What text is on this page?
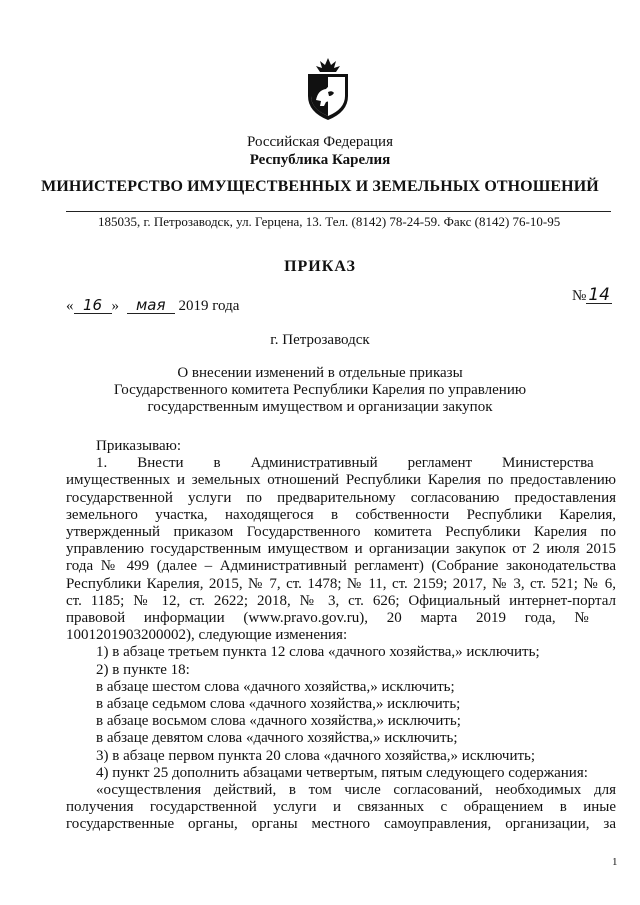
Российская Федерация
Республика Карелия
МИНИСТЕРСТВО ИМУЩЕСТВЕННЫХ И ЗЕМЕЛЬНЫХ ОТНОШЕНИЙ
185035, г. Петрозаводск, ул. Герцена, 13. Тел. (8142) 78-24-59. Факс (8142) 76-10-95
ПРИКАЗ
« 16 » мая 2019 года
№ 14
г. Петрозаводск
О внесении изменений в отдельные приказы
Государственного комитета Республики Карелия по управлению
государственным имуществом и организации закупок
Приказываю:
1.        Внести        в        Административный        регламент        Министерства
имущественных и земельных отношений Республики Карелия по предоставлению
государственной услуги по предварительному согласованию предоставления
земельного участка, находящегося в собственности Республики Карелия,
утвержденный приказом Государственного комитета Республики Карелия по
управлению государственным имуществом и организации закупок от 2 июля 2015
года № 499 (далее – Административный регламент) (Собрание законодательства
Республики Карелия, 2015, № 7, ст. 1478; № 11, ст. 2159; 2017, № 3, ст. 521; № 6,
ст. 1185; № 12, ст. 2622; 2018, № 3, ст. 626; Официальный интернет-портал
правовой     информации     (www.pravo.gov.ru),     20     марта     2019     года,     №
1001201903200002), следующие изменения:
1) в абзаце третьем пункта 12 слова «дачного хозяйства,» исключить;
2) в пункте 18:
в абзаце шестом слова «дачного хозяйства,» исключить;
в абзаце седьмом слова «дачного хозяйства,» исключить;
в абзаце восьмом слова «дачного хозяйства,» исключить;
в абзаце девятом слова «дачного хозяйства,» исключить;
3) в абзаце первом пункта 20 слова «дачного хозяйства,» исключить;
4) пункт 25 дополнить абзацами четвертым, пятым следующего содержания:
«осуществления действий, в том числе согласований, необходимых для
получения государственной услуги и связанных с обращением в иные
государственные органы, органы местного самоуправления, организации, за
1
